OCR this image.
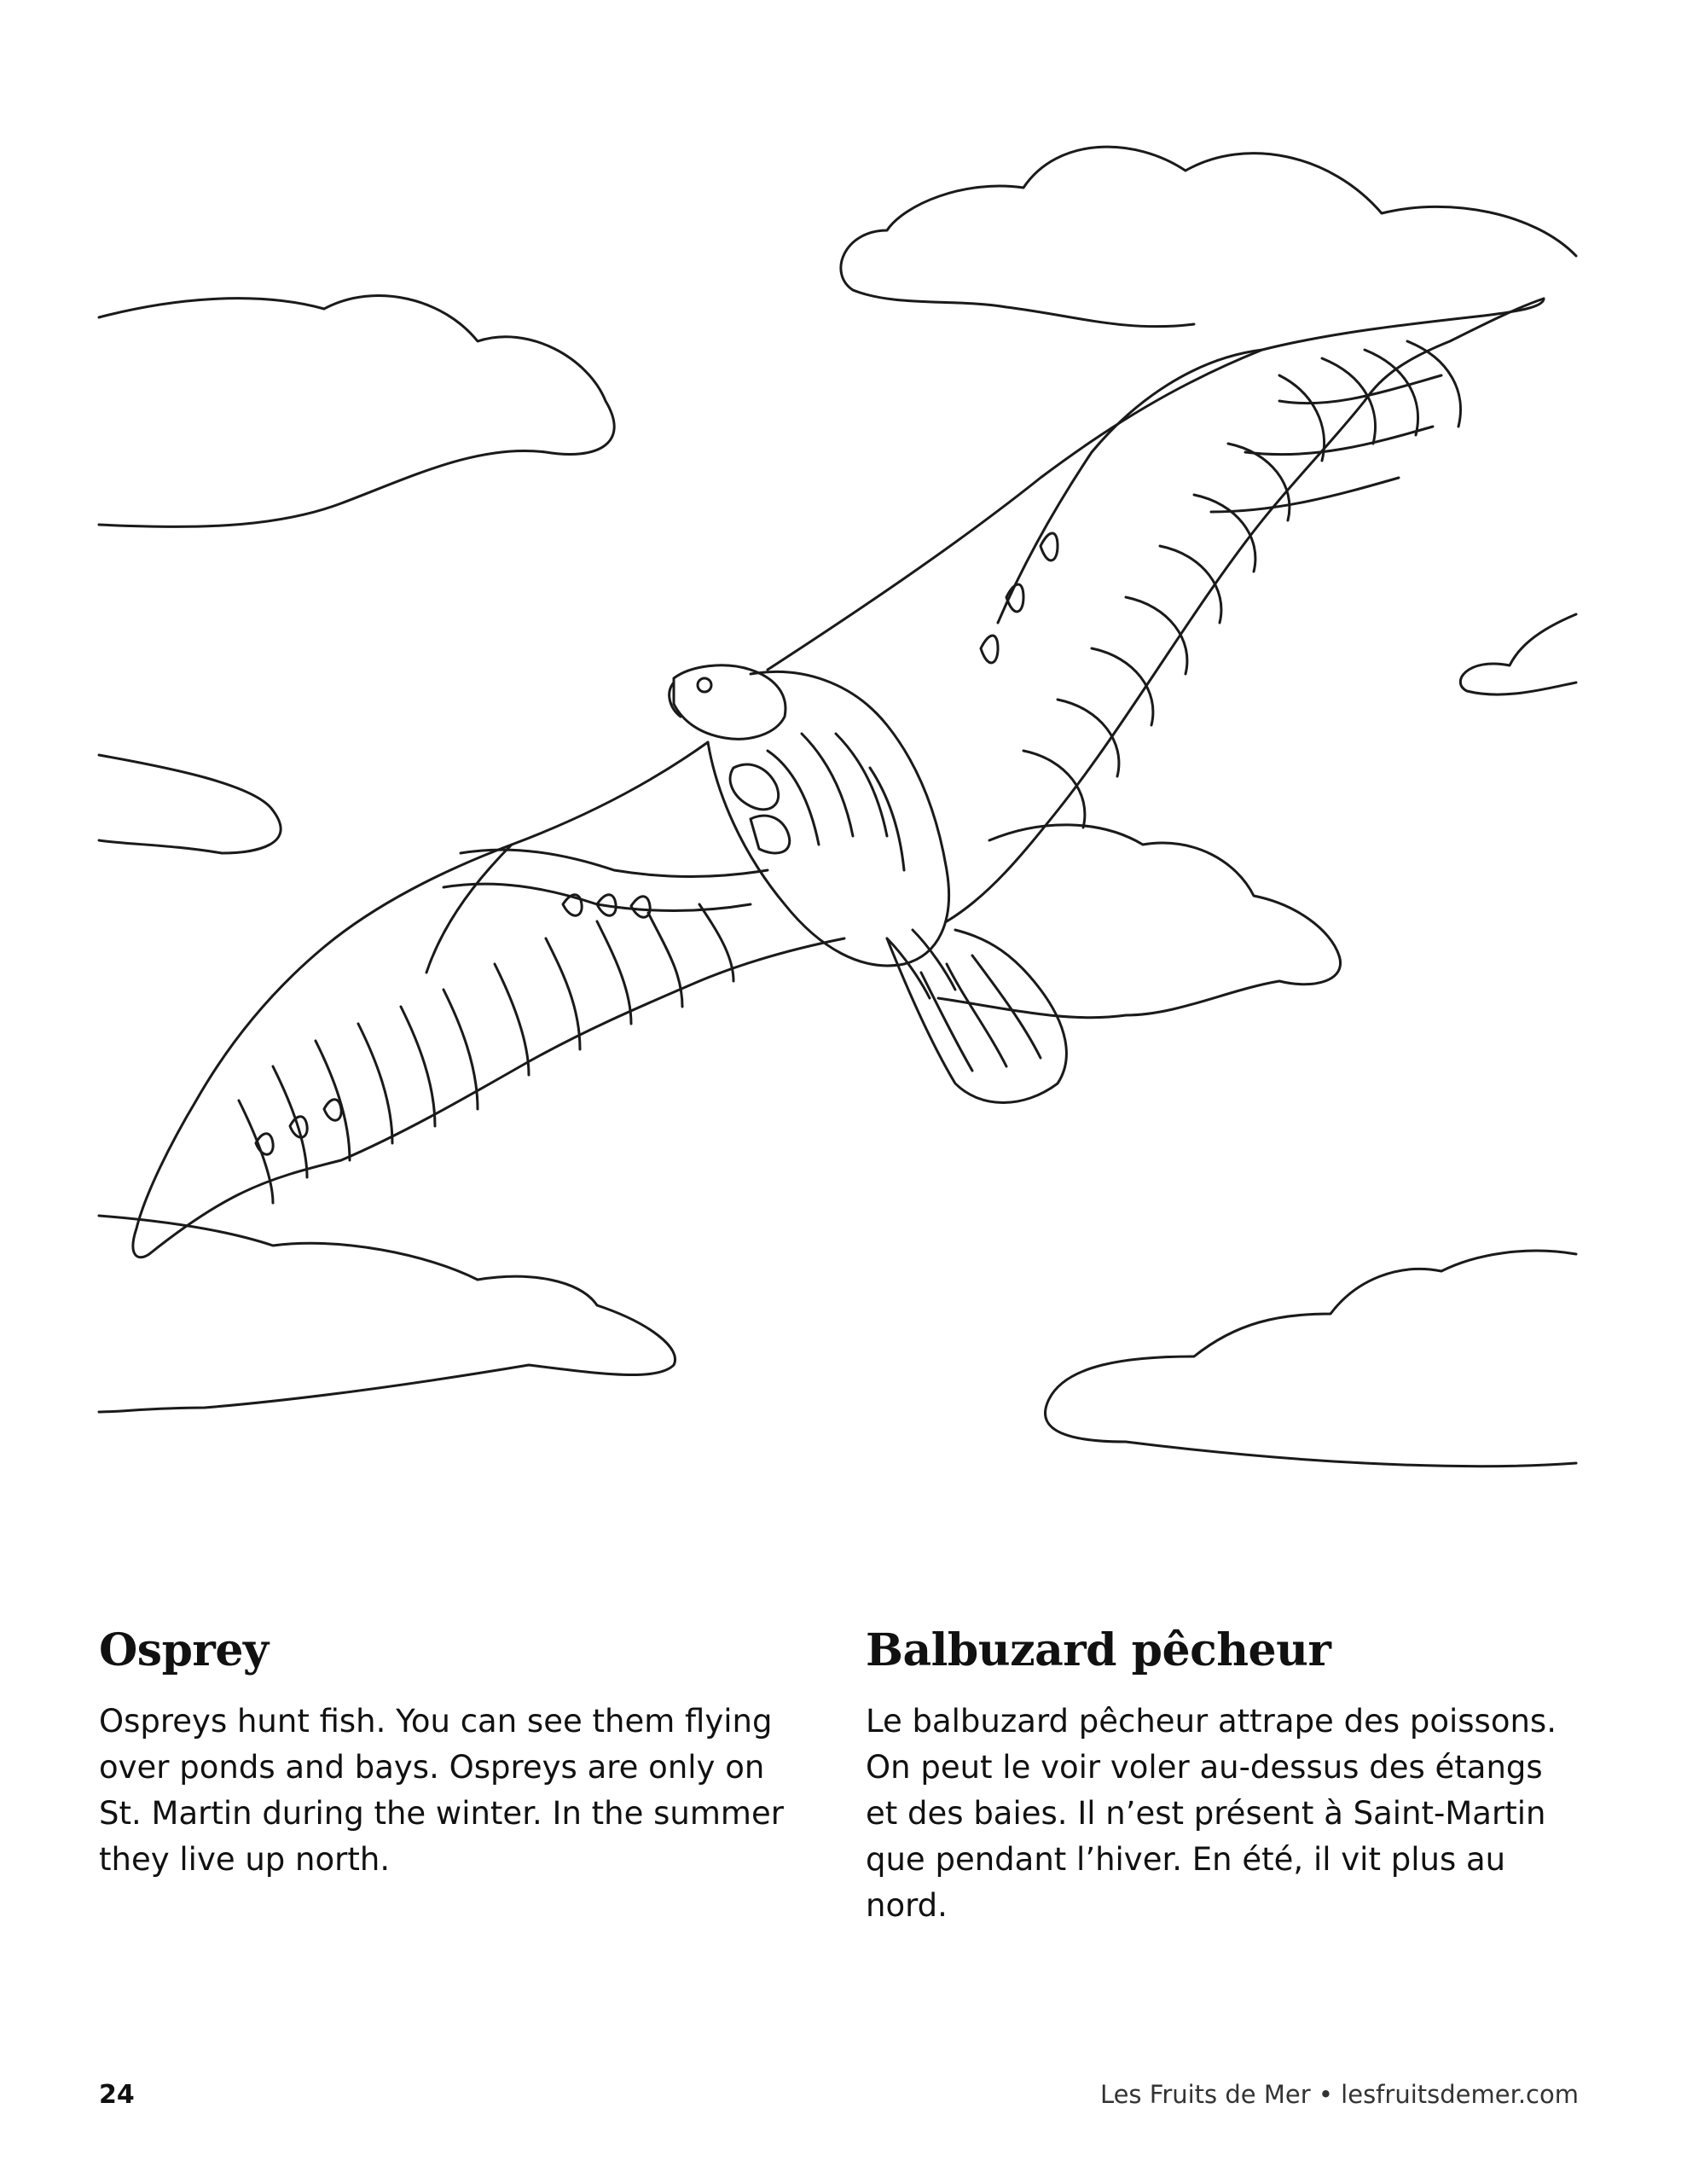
Osprey

Ospreys hunt fish. You can see them flying over ponds and bays. Ospreys are only on St. Martin during the winter. In the summer they live up north.

Balbuzard pêcheur

Le balbuzard pêcheur attrape des poissons. On peut le voir voler au-dessus des étangs et des baies. Il n’est présent à Saint-Martin que pendant l’hiver. En été, il vit plus au nord.

24	Les Fruits de Mer • lesfruitsdemer.com
